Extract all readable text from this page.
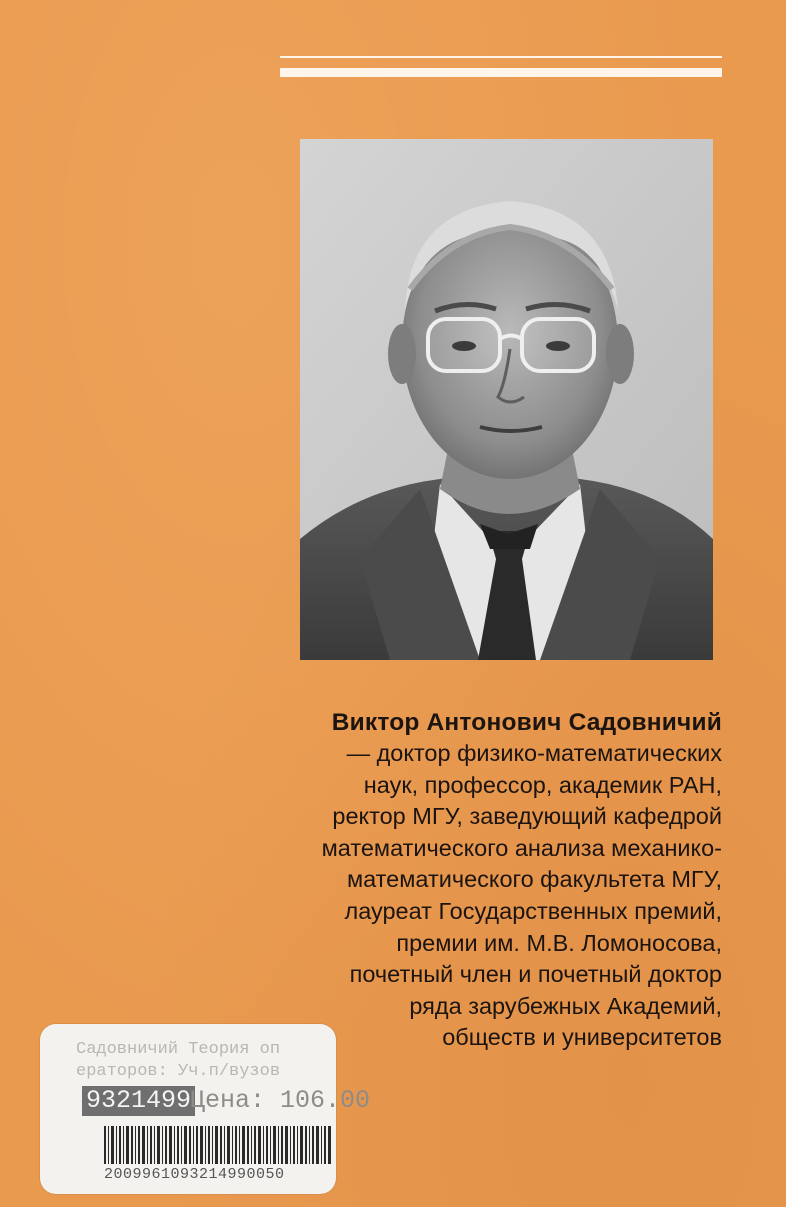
Виктор Антонович Садовничий
— доктор физико-математических
наук, профессор, академик РАН,
ректор МГУ, заведующий кафедрой
математического анализа механико-
математического факультета МГУ,
лауреат Государственных премий,
премии им. М.В. Ломоносова,
почетный член и почетный доктор
ряда зарубежных Академий,
обществ и университетов
Садовничий Теория оп
ераторов: Уч.п/вузов
9321499
Цена: 106.00
2009961093214990050
